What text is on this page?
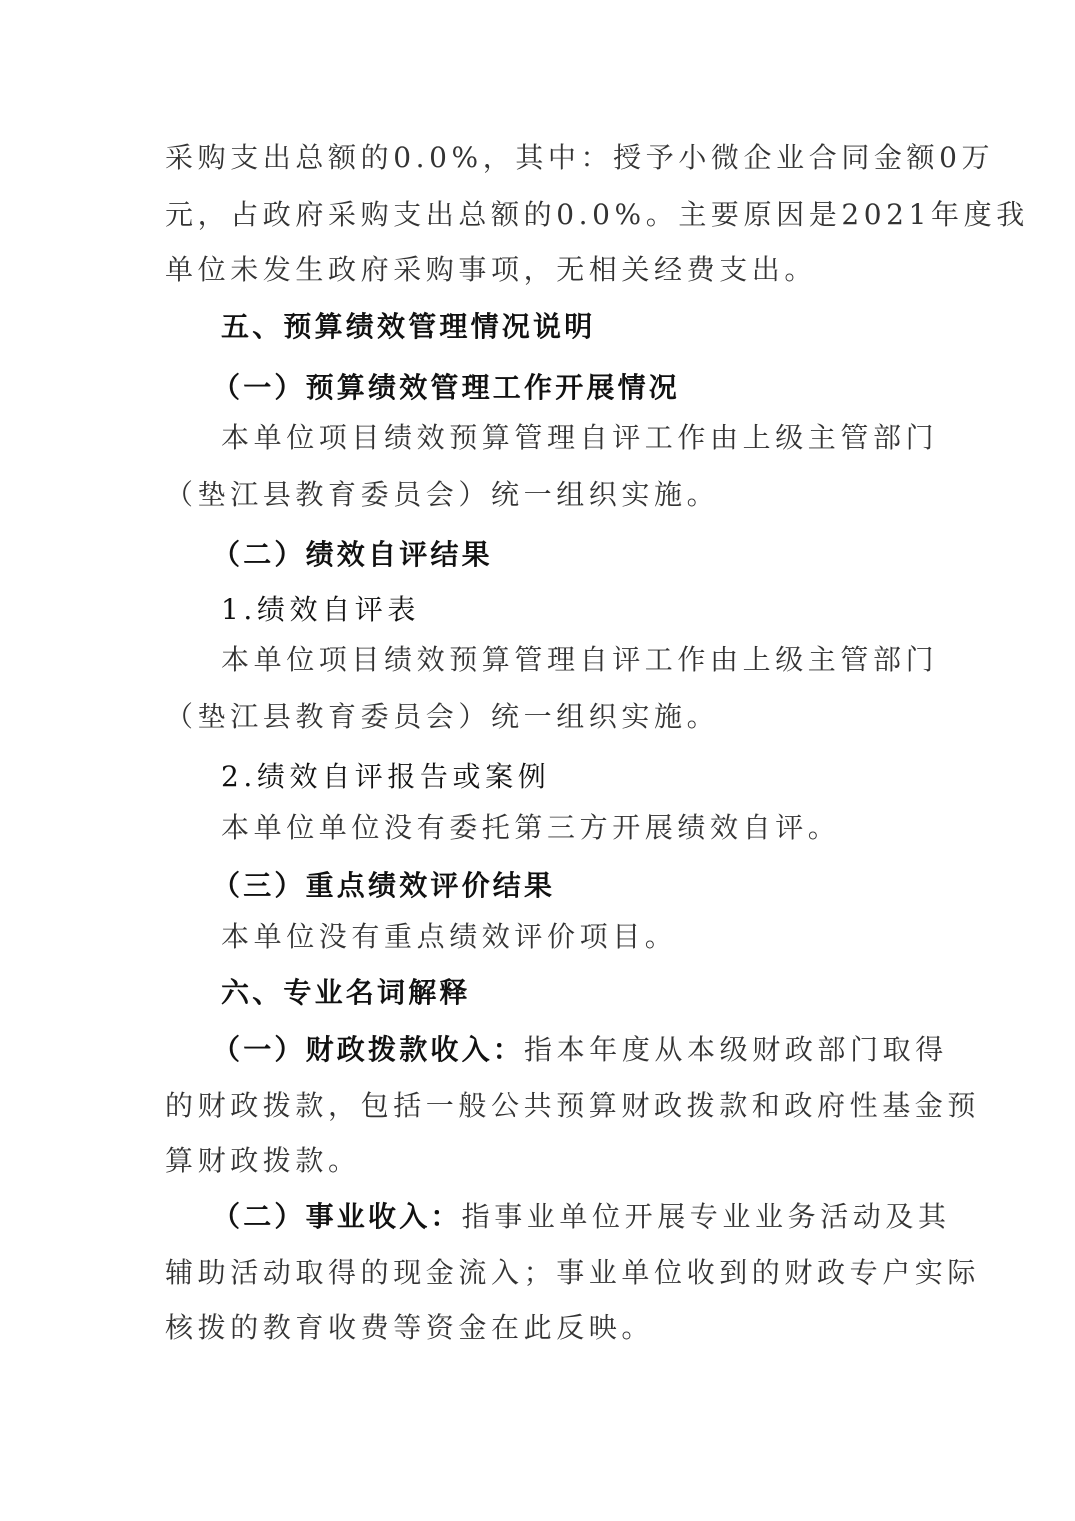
采购支出总额的0.0%，其中：授予小微企业合同金额0万
元，占政府采购支出总额的0.0%。主要原因是2021年度我
单位未发生政府采购事项，无相关经费支出。
五、预算绩效管理情况说明
（一）预算绩效管理工作开展情况
本单位项目绩效预算管理自评工作由上级主管部门
（垫江县教育委员会）统一组织实施。
（二）绩效自评结果
1.绩效自评表
本单位项目绩效预算管理自评工作由上级主管部门
（垫江县教育委员会）统一组织实施。
2.绩效自评报告或案例
本单位单位没有委托第三方开展绩效自评。
（三）重点绩效评价结果
本单位没有重点绩效评价项目。
六、专业名词解释
（一）财政拨款收入：指本年度从本级财政部门取得
的财政拨款，包括一般公共预算财政拨款和政府性基金预
算财政拨款。
（二）事业收入：指事业单位开展专业业务活动及其
辅助活动取得的现金流入；事业单位收到的财政专户实际
核拨的教育收费等资金在此反映。
